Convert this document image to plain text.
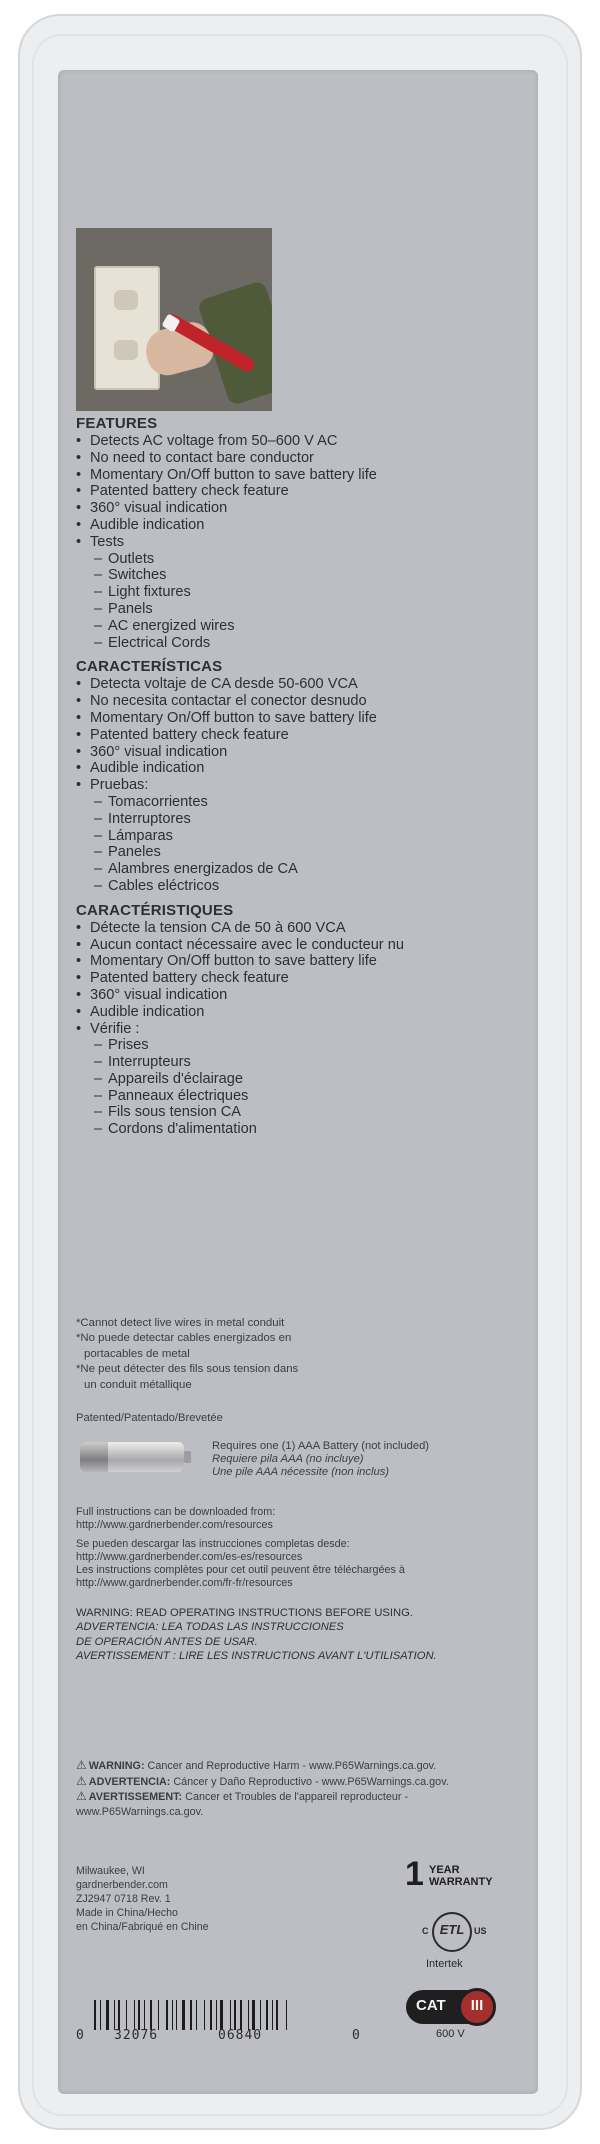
FEATURES

• Detects AC voltage from 50–600 V AC
• No need to contact bare conductor
• Momentary On/Off button to save battery life
• Patented battery check feature
• 360° visual indication
• Audible indication
• Tests
– Outlets
– Switches
– Light fixtures
– Panels
– AC energized wires
– Electrical Cords

CARACTERÍSTICAS

• Detecta voltaje de CA desde 50-600 VCA
• No necesita contactar el conector desnudo
• Momentary On/Off button to save battery life
• Patented battery check feature
• 360° visual indication
• Audible indication
• Pruebas:
– Tomacorrientes
– Interruptores
– Lámparas
– Paneles
– Alambres energizados de CA
– Cables eléctricos

CARACTÉRISTIQUES

• Détecte la tension CA de 50 à 600 VCA
• Aucun contact nécessaire avec le conducteur nu
• Momentary On/Off button to save battery life
• Patented battery check feature
• 360° visual indication
• Audible indication
• Vérifie :
– Prises
– Interrupteurs
– Appareils d'éclairage
– Panneaux électriques
– Fils sous tension CA
– Cordons d'alimentation
*Cannot detect live wires in metal conduit
*No puede detectar cables energizados en
portacables de metal
*Ne peut détecter des fils sous tension dans
un conduit métallique
Patented/Patentado/Brevetée
Requires one (1) AAA Battery (not included)
Requiere pila AAA (no incluye)
Une pile AAA nécessite (non inclus)
Full instructions can be downloaded from:
http://www.gardnerbender.com/resources
Se pueden descargar las instrucciones completas desde:
http://www.gardnerbender.com/es-es/resources
Les instructions complètes pour cet outil peuvent être téléchargées à
http://www.gardnerbender.com/fr-fr/resources
WARNING: READ OPERATING INSTRUCTIONS BEFORE USING.
ADVERTENCIA: LEA TODAS LAS INSTRUCCIONES
DE OPERACIÓN ANTES DE USAR.
AVERTISSEMENT : LIRE LES INSTRUCTIONS AVANT L'UTILISATION.
⚠ WARNING: Cancer and Reproductive Harm - www.P65Warnings.ca.gov.
⚠ ADVERTENCIA: Cáncer y Daño Reproductivo - www.P65Warnings.ca.gov.
⚠ AVERTISSEMENT: Cancer et Troubles de l'appareil reproducteur -
www.P65Warnings.ca.gov.
Milwaukee, WI
gardnerbender.com
ZJ2947 0718 Rev. 1
Made in China/Hecho
en China/Fabriqué en Chine
1 YEAR
WARRANTY
ETL
C	US
Intertek
CAT	III
600 V
0 32076	06840	0
